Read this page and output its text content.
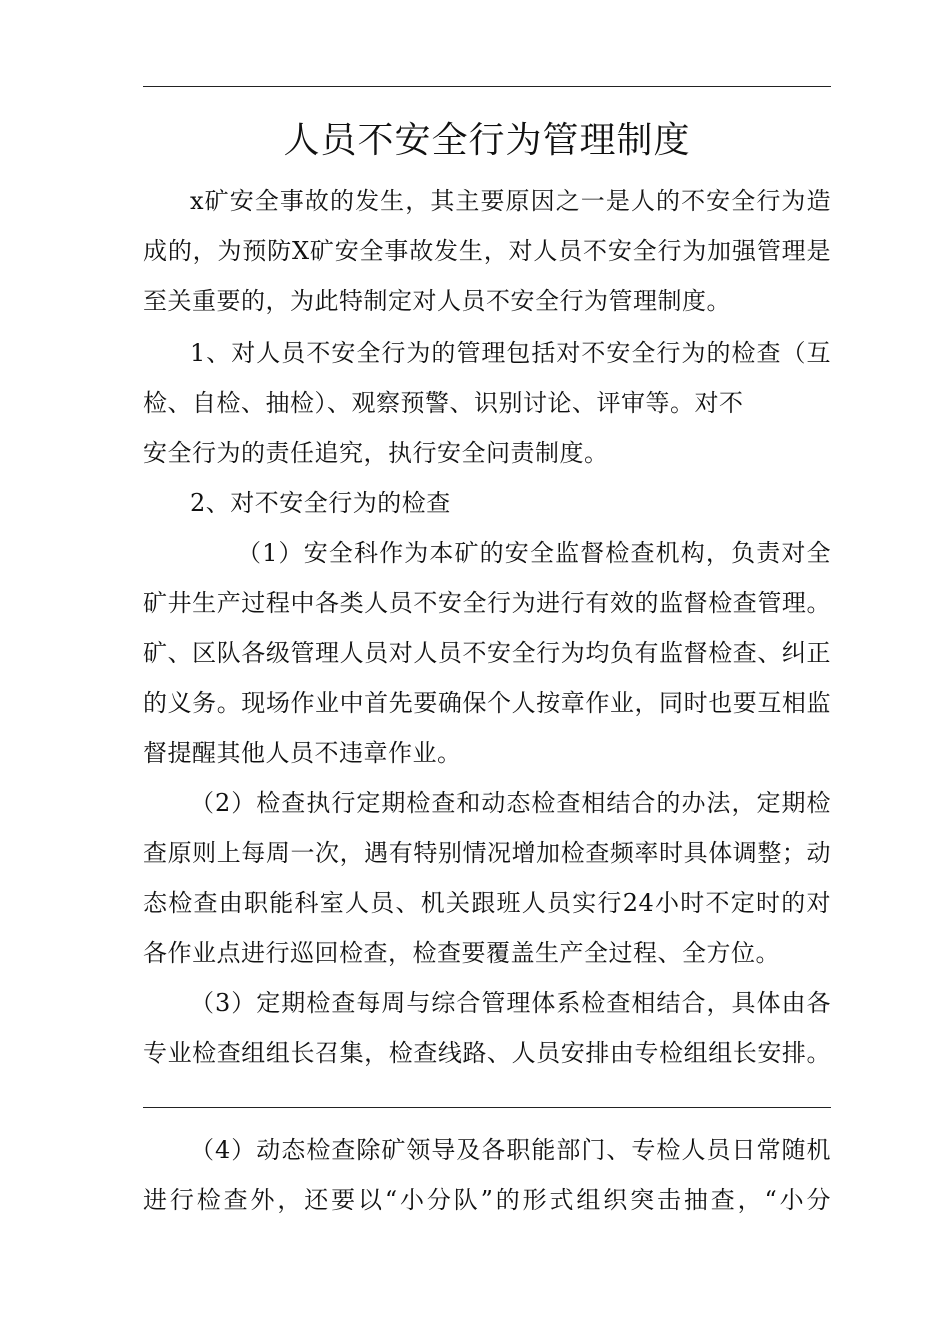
人员不安全行为管理制度
x矿安全事故的发生，其主要原因之一是人的不安全行为造
成的，为预防X矿安全事故发生，对人员不安全行为加强管理是
至关重要的，为此特制定对人员不安全行为管理制度。
1、对人员不安全行为的管理包括对不安全行为的检查（互
检、自检、抽检）、观察预警、识别讨论、评审等。对不
安全行为的责任追究，执行安全问责制度。
2、对不安全行为的检查
（1）安全科作为本矿的安全监督检查机构，负责对全
矿井生产过程中各类人员不安全行为进行有效的监督检查管理。
矿、区队各级管理人员对人员不安全行为均负有监督检查、纠正
的义务。现场作业中首先要确保个人按章作业，同时也要互相监
督提醒其他人员不违章作业。
（2）检查执行定期检查和动态检查相结合的办法，定期检
查原则上每周一次，遇有特别情况增加检查频率时具体调整；动
态检查由职能科室人员、机关跟班人员实行24小时不定时的对
各作业点进行巡回检查，检查要覆盖生产全过程、全方位。
（3）定期检查每周与综合管理体系检查相结合，具体由各
专业检查组组长召集，检查线路、人员安排由专检组组长安排。
（4）动态检查除矿领导及各职能部门、专检人员日常随机
进行检查外，还要以“小分队”的形式组织突击抽查，“小分
